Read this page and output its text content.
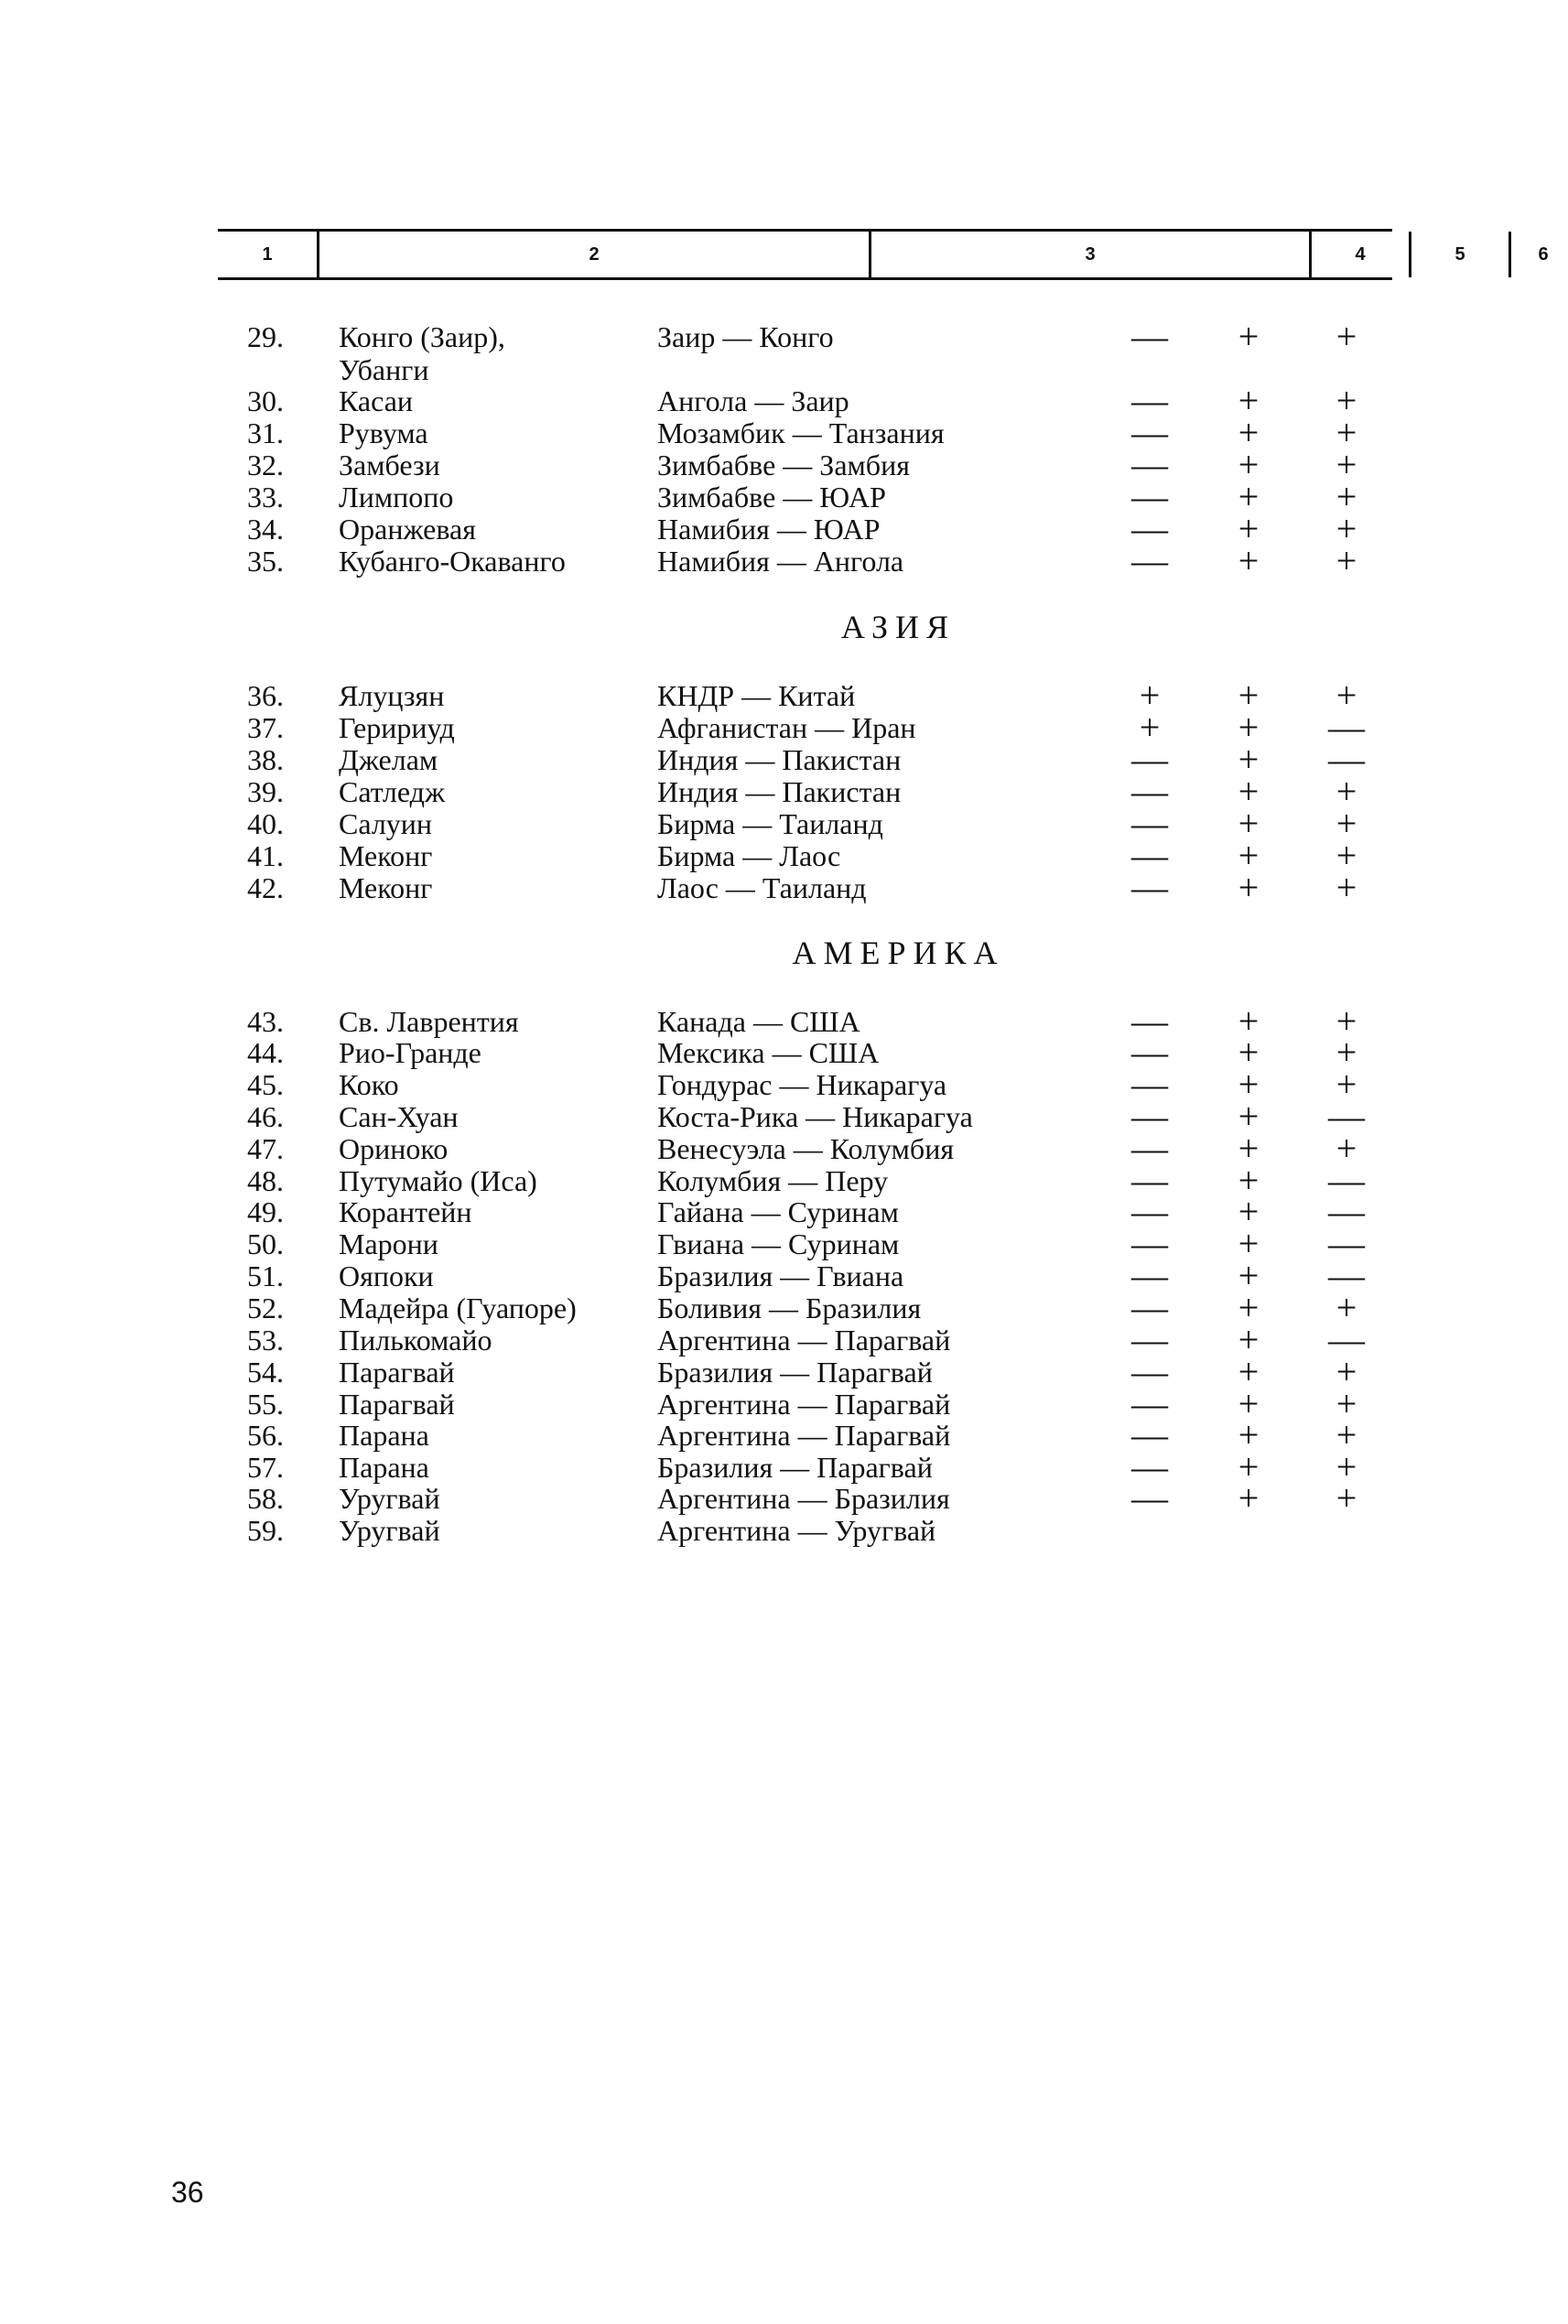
1	2	3	4	5	6
29. Конго (Заир),	Заир — Конго	—	+	+
Убанги
30. Касаи	Ангола — Заир	—	+	+
31. Рувума	Мозамбик — Танзания	—	+	+
32. Замбези	Зимбабве — Замбия	—	+	+
33. Лимпопо	Зимбабве — ЮАР	—	+	+
34. Оранжевая	Намибия — ЮАР	—	+	+
35. Кубанго-Окаванго	Намибия — Ангола	—	+	+
36. Ялуцзян	КНДР — Китай	+	+	+
37. Геририуд	Афганистан — Иран	+	+	—
38. Джелам	Индия — Пакистан	—	+	—
39. Сатледж	Индия — Пакистан	—	+	+
40. Салуин	Бирма — Таиланд	—	+	+
41. Меконг	Бирма — Лаос	—	+	+
42. Меконг	Лаос — Таиланд	—	+	+
43. Св. Лаврентия	Канада — США	—	+	+
44. Рио-Гранде	Мексика — США	—	+	+
45. Коко	Гондурас — Никарагуа	—	+	+
46. Сан-Хуан	Коста-Рика — Никарагуа	—	+	—
47. Ориноко	Венесуэла — Колумбия	—	+	+
48. Путумайо (Иса)	Колумбия — Перу	—	+	—
49. Корантейн	Гайана — Суринам	—	+	—
50. Марони	Гвиана — Суринам	—	+	—
51. Ояпоки	Бразилия — Гвиана	—	+	—
52. Мадейра (Гуапоре)	Боливия — Бразилия	—	+	+
53. Пилькомайо	Аргентина — Парагвай	—	+	—
54. Парагвай	Бразилия — Парагвай	—	+	+
55. Парагвай	Аргентина — Парагвай	—	+	+
56. Парана	Аргентина — Парагвай	—	+	+
57. Парана	Бразилия — Парагвай	—	+	+
58. Уругвай	Аргентина — Бразилия	—	+	+
59. Уругвай	Аргентина — Уругвай
АЗИЯ
АМЕРИКА
36
